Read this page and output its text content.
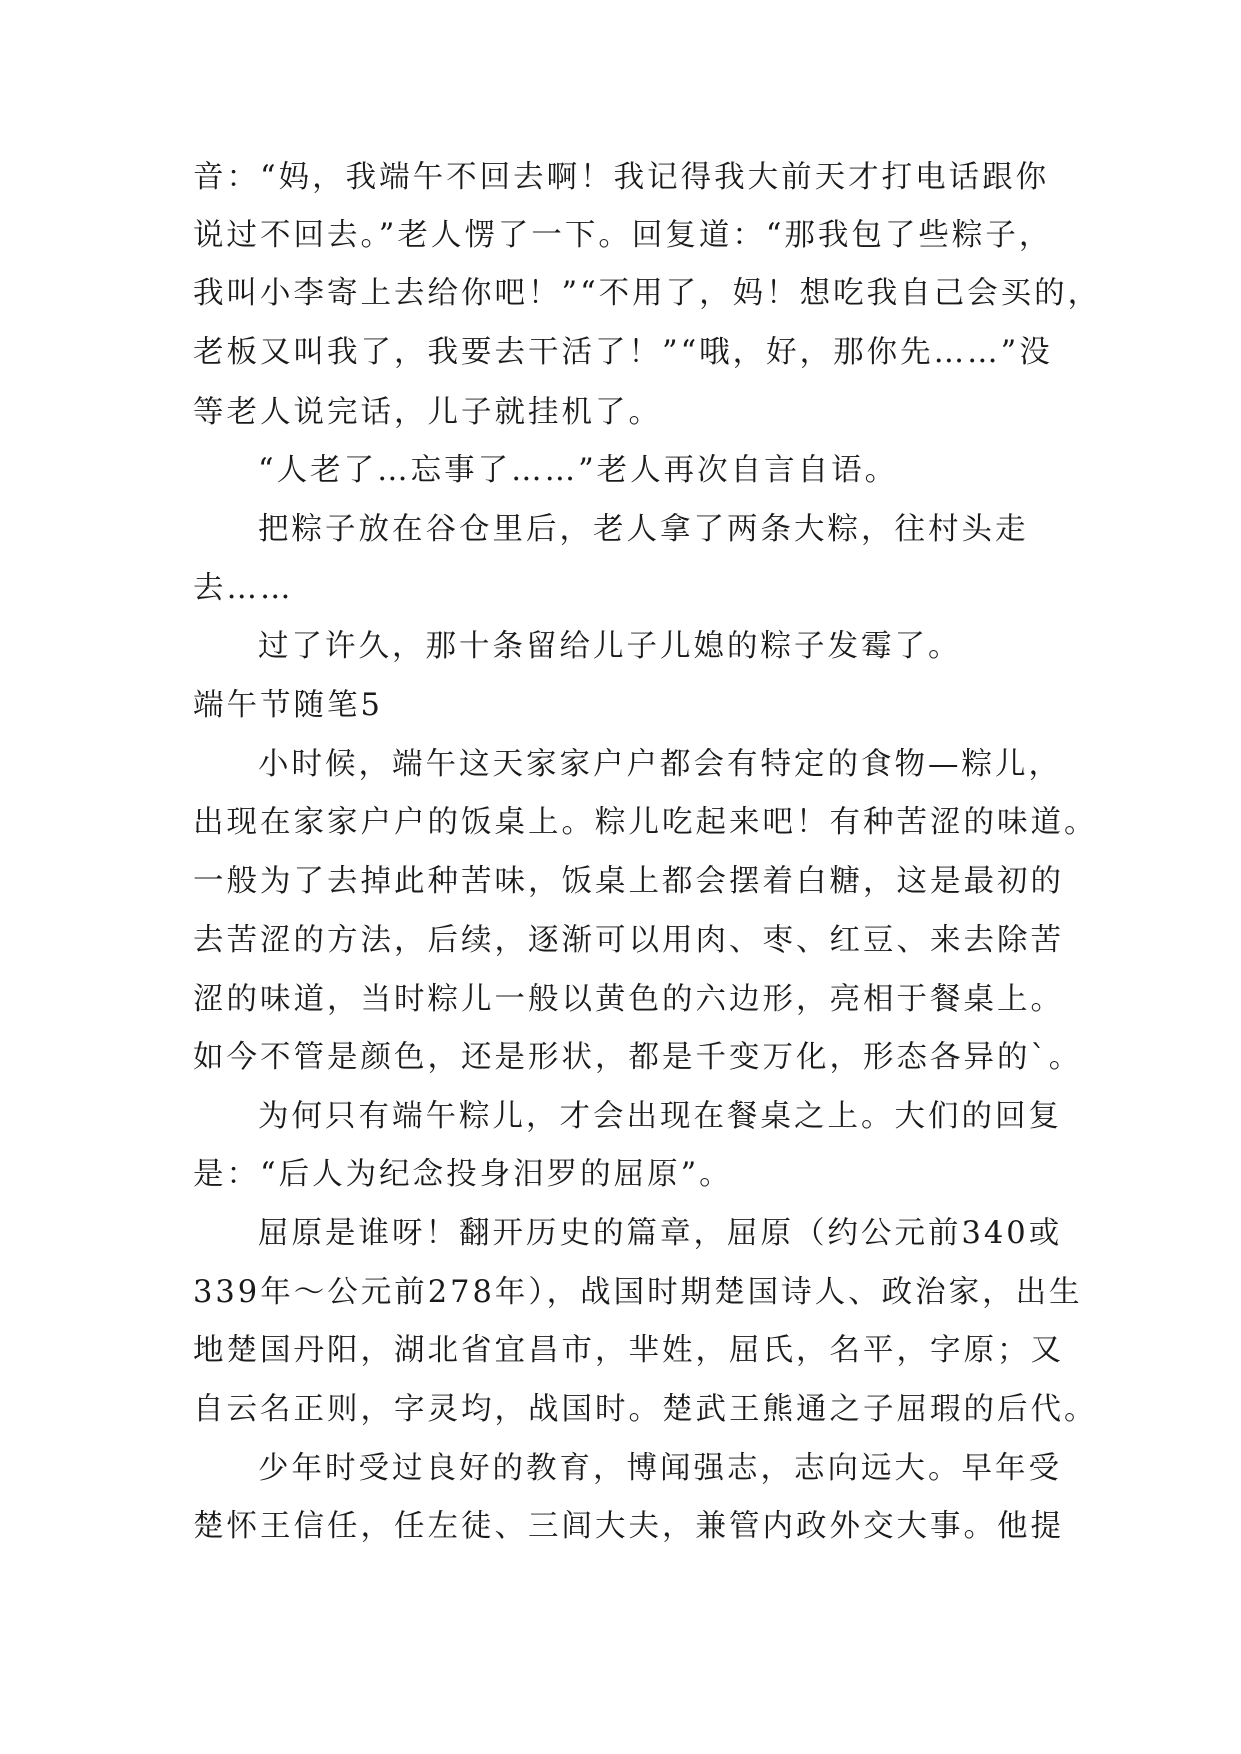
音：“妈，我端午不回去啊！我记得我大前天才打电话跟你

说过不回去。”老人愣了一下。回复道：“那我包了些粽子，

我叫小李寄上去给你吧！”“不用了，妈！想吃我自己会买的，

老板又叫我了，我要去干活了！”“哦，好，那你先……”没

等老人说完话，儿子就挂机了。

“人老了…忘事了……”老人再次自言自语。

把粽子放在谷仓里后，老人拿了两条大粽，往村头走

去……

过了许久，那十条留给儿子儿媳的粽子发霉了。

端午节随笔5

小时候，端午这天家家户户都会有特定的食物—粽儿，

出现在家家户户的饭桌上。粽儿吃起来吧！有种苦涩的味道。

一般为了去掉此种苦味，饭桌上都会摆着白糖，这是最初的

去苦涩的方法，后续，逐渐可以用肉、枣、红豆、来去除苦

涩的味道，当时粽儿一般以黄色的六边形，亮相于餐桌上。

如今不管是颜色，还是形状，都是千变万化，形态各异的`。

为何只有端午粽儿，才会出现在餐桌之上。大们的回复

是：“后人为纪念投身汨罗的屈原”。

屈原是谁呀！翻开历史的篇章，屈原（约公元前340或

339年～公元前278年），战国时期楚国诗人、政治家，出生

地楚国丹阳，湖北省宜昌市，芈姓，屈氏，名平，字原；又

自云名正则，字灵均，战国时。楚武王熊通之子屈瑕的后代。

少年时受过良好的教育，博闻强志，志向远大。早年受

楚怀王信任，任左徒、三闾大夫，兼管内政外交大事。他提
